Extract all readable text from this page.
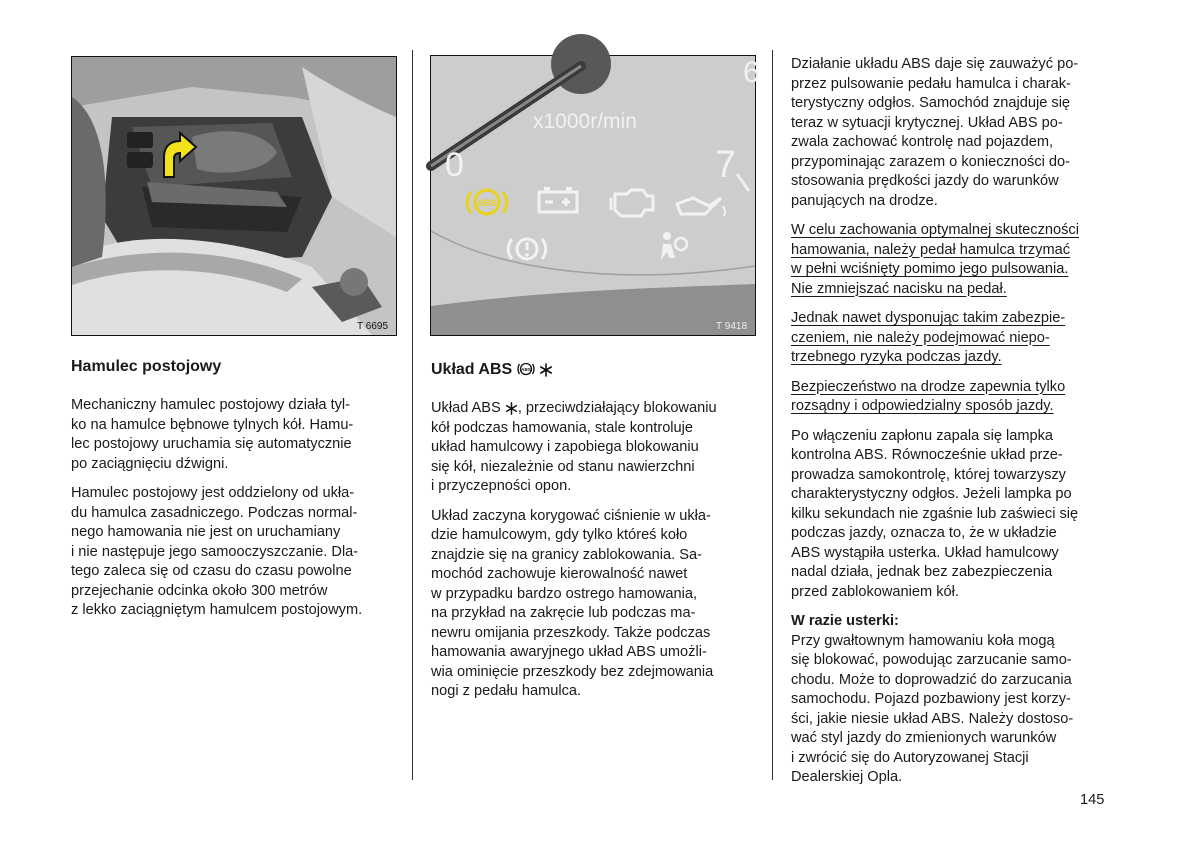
T 6695
ABS
x1000r/min
7
6
0
T 9418
Hamulec postojowy

Mechaniczny hamulec postojowy działa tyl-
ko na hamulce bębnowe tylnych kół. Hamu-
lec postojowy uruchamia się automatycznie
po zaciągnięciu dźwigni.

Hamulec postojowy jest oddzielony od ukła-
du hamulca zasadniczego. Podczas normal-
nego hamowania nie jest on uruchamiany
i nie następuje jego samooczyszczanie. Dla-
tego zaleca się od czasu do czasu powolne
przejechanie odcinka około 300 metrów
z lekko zaciągniętym hamulcem postojowym.

Układ ABS ABS

Układ ABS , przeciwdziałający blokowaniu
kół podczas hamowania, stale kontroluje
układ hamulcowy i zapobiega blokowaniu
się kół, niezależnie od stanu nawierzchni
i przyczepności opon.

Układ zaczyna korygować ciśnienie w ukła-
dzie hamulcowym, gdy tylko któreś koło
znajdzie się na granicy zablokowania. Sa-
mochód zachowuje kierowalność nawet
w przypadku bardzo ostrego hamowania,
na przykład na zakręcie lub podczas ma-
newru omijania przeszkody. Także podczas
hamowania awaryjnego układ ABS umożli-
wia ominięcie przeszkody bez zdejmowania
nogi z pedału hamulca.

Działanie układu ABS daje się zauważyć po-
przez pulsowanie pedału hamulca i charak-
terystyczny odgłos. Samochód znajduje się
teraz w sytuacji krytycznej. Układ ABS po-
zwala zachować kontrolę nad pojazdem,
przypominając zarazem o konieczności do-
stosowania prędkości jazdy do warunków
panujących na drodze.

W celu zachowania optymalnej skuteczności
hamowania, należy pedał hamulca trzymać
w pełni wciśnięty pomimo jego pulsowania.
Nie zmniejszać nacisku na pedał.

Jednak nawet dysponując takim zabezpie-
czeniem, nie należy podejmować niepo-
trzebnego ryzyka podczas jazdy.

Bezpieczeństwo na drodze zapewnia tylko
rozsądny i odpowiedzialny sposób jazdy.

Po włączeniu zapłonu zapala się lampka
kontrolna ABS. Równocześnie układ prze-
prowadza samokontrolę, której towarzyszy
charakterystyczny odgłos. Jeżeli lampka po
kilku sekundach nie zgaśnie lub zaświeci się
podczas jazdy, oznacza to, że w układzie
ABS wystąpiła usterka. Układ hamulcowy
nadal działa, jednak bez zabezpieczenia
przed zablokowaniem kół.

W razie usterki:

Przy gwałtownym hamowaniu koła mogą
się blokować, powodując zarzucanie samo-
chodu. Może to doprowadzić do zarzucania
samochodu. Pojazd pozbawiony jest korzy-
ści, jakie niesie układ ABS. Należy dostoso-
wać styl jazdy do zmienionych warunków
i zwrócić się do Autoryzowanej Stacji
Dealerskiej Opla.

145
